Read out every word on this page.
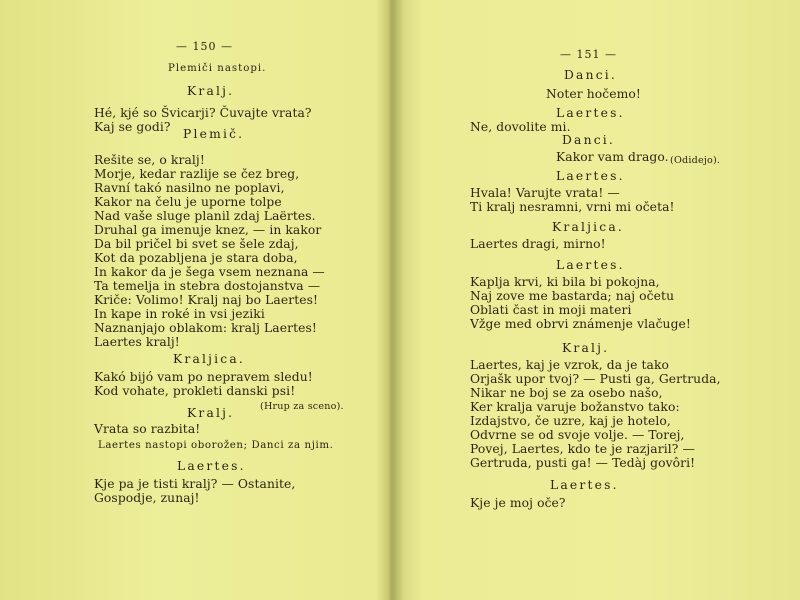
— 150 —
Plemiči nastopi.
Kralj.
Hé, kjé so Švicarji? Čuvajte vrata?
Kaj se godi?	Plemič.
Rešite se, o kralj!
Morje, kedar razlije se čez breg,
Ravní takó nasilno ne poplavi,
Kakor na čelu je uporne tolpe
Nad vaše sluge planil zdaj Laërtes.
Druhal ga imenuje knez, — in kakor
Da bil pričel bi svet se šele zdaj,
Kot da pozabljena je stara doba,
In kakor da je šega vsem neznana —
Ta temelja in stebra dostojanstva —
Kriče: Volimo! Kralj naj bo Laertes!
In kape in roké in vsi jeziki
Naznanjajo oblakom: kralj Laertes!
Laertes kralj!
Kraljica.
Kakó bijó vam po nepravem sledu!
Kod vohate, prokleti danski psi!
(Hrup za sceno).
Kralj.
Vrata so razbita!
Laertes nastopi oborožen; Danci za njim.
Laertes.
Kje pa je tisti kralj? — Ostanite,
Gospodje, zunaj!
— 151 —
Danci.
Noter hočemo!
Laertes.
Ne, dovolite mi.
Danci.
Kakor vam drago. (Odidejo).
Laertes.
Hvala! Varujte vrata! —
Ti kralj nesramni, vrni mi očeta!
Kraljica.
Laertes dragi, mirno!
Laertes.
Kaplja krvi, ki bila bi pokojna,
Naj zove me bastarda; naj očetu
Oblati čast in moji materi
Vžge med obrvi známenje vlačuge!
Kralj.
Laertes, kaj je vzrok, da je tako
Orjašk upor tvoj? — Pusti ga, Gertruda,
Nikar ne boj se za osebo našo,
Ker kralja varuje božanstvo tako:
Izdajstvo, če uzre, kaj je hotelo,
Odvrne se od svoje volje. — Torej,
Povej, Laertes, kdo te je razjaril? —
Gertruda, pusti ga! — Tedàj govôri!
Laertes.
Kje je moj oče?
